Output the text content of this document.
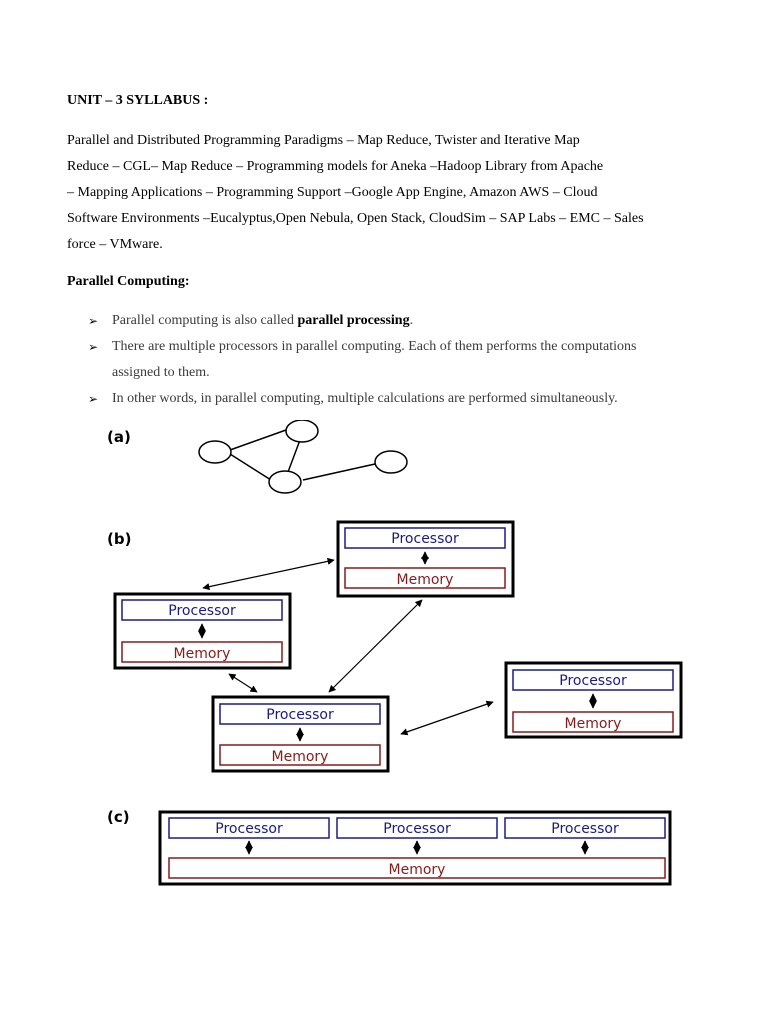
UNIT – 3 SYLLABUS :
Parallel and Distributed Programming Paradigms – Map Reduce, Twister and Iterative Map
Reduce – CGL– Map Reduce – Programming models for Aneka –Hadoop Library from Apache
– Mapping Applications – Programming Support –Google App Engine, Amazon AWS – Cloud
Software Environments –Eucalyptus,Open Nebula, Open Stack, CloudSim – SAP Labs – EMC – Sales
force – VMware.
Parallel Computing:
➢ Parallel computing is also called parallel processing.
➢ There are multiple processors in parallel computing. Each of them performs the computations
assigned to them.
➢ In other words, in parallel computing, multiple calculations are performed simultaneously.
(a)
(b)	Processor
Memory
Processor
Memory
Processor
Memory
Processor
Memory
(c)
Processor	Processor	Processor
Memory
